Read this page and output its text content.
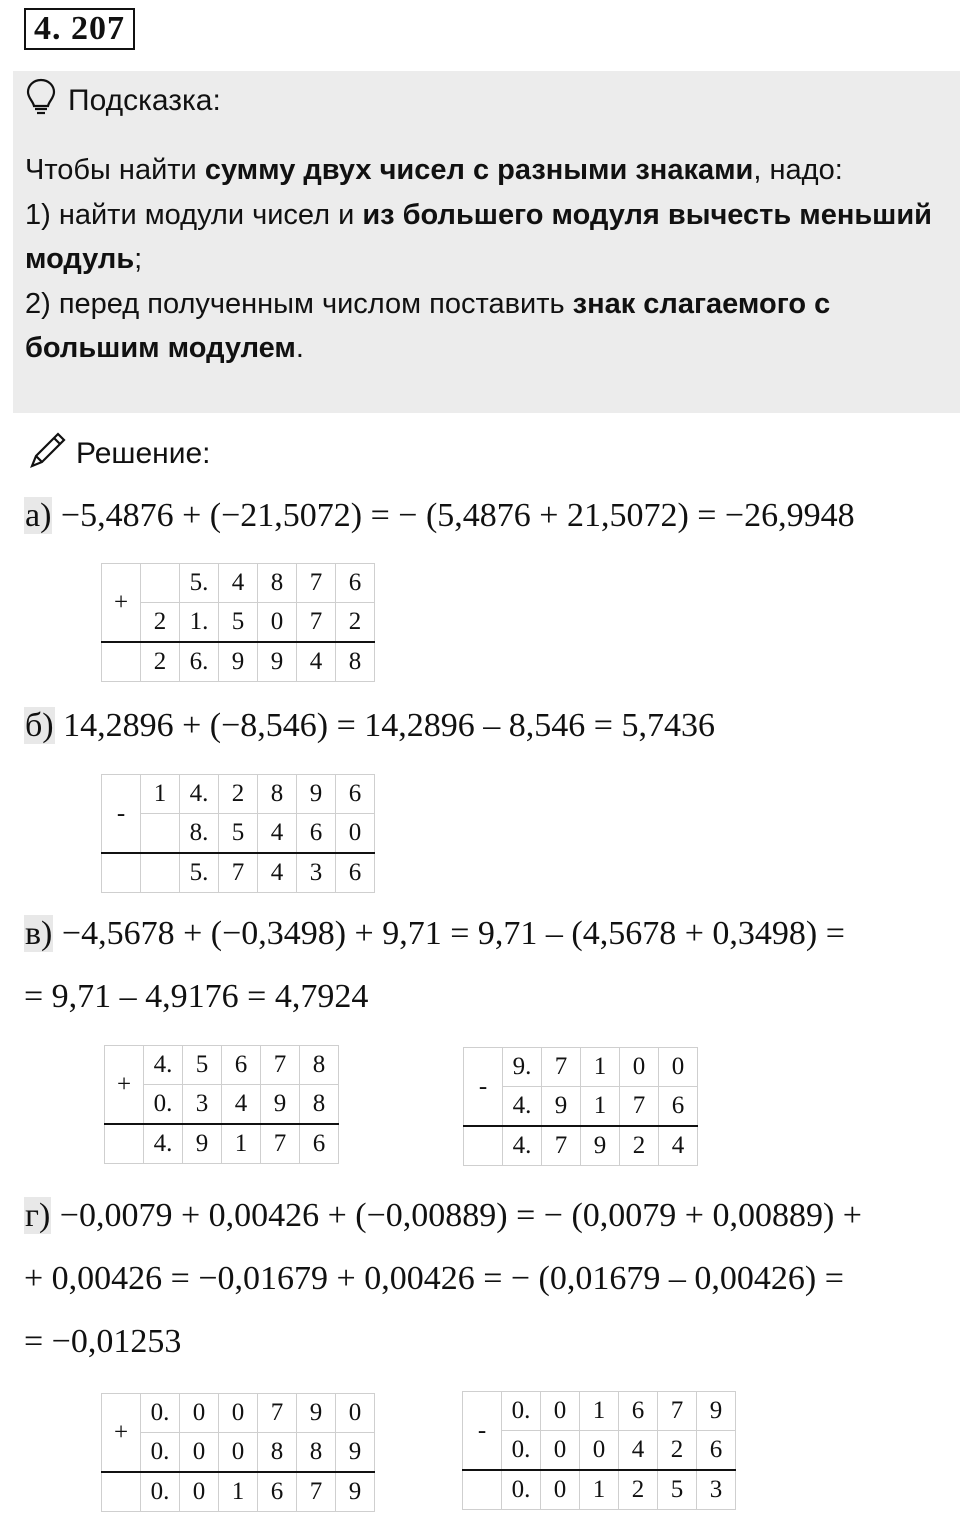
4. 207
Подсказка:
Чтобы найти сумму двух чисел с разными знаками, надо:
1) найти модули чисел и из большего модуля вычесть меньший модуль;
2) перед полученным числом поставить знак слагаемого с большим модулем.
Решение:
а) −5,4876 + (−21,5072) = − (5,4876 + 21,5072) = −26,9948
+		5.	4	8	7	6
	2	1.	5	0	7	2
	2	6.	9	9	4	8
б) 14,2896 + (−8,546) = 14,2896 – 8,546 = 5,7436
-	1	4.	2	8	9	6
		8.	5	4	6	0
		5.	7	4	3	6
в) −4,5678 + (−0,3498) + 9,71 = 9,71 – (4,5678 + 0,3498) =
= 9,71 – 4,9176 = 4,7924
+	4.	5	6	7	8
	0.	3	4	9	8
	4.	9	1	7	6
-	9.	7	1	0	0
	4.	9	1	7	6
	4.	7	9	2	4
г) −0,0079 + 0,00426 + (−0,00889) = − (0,0079 + 0,00889) +
+ 0,00426 = −0,01679 + 0,00426 = − (0,01679 – 0,00426) =
= −0,01253
+	0.	0	0	7	9	0
	0.	0	0	8	8	9
	0.	0	1	6	7	9
-	0.	0	1	6	7	9
	0.	0	0	4	2	6
	0.	0	1	2	5	3
